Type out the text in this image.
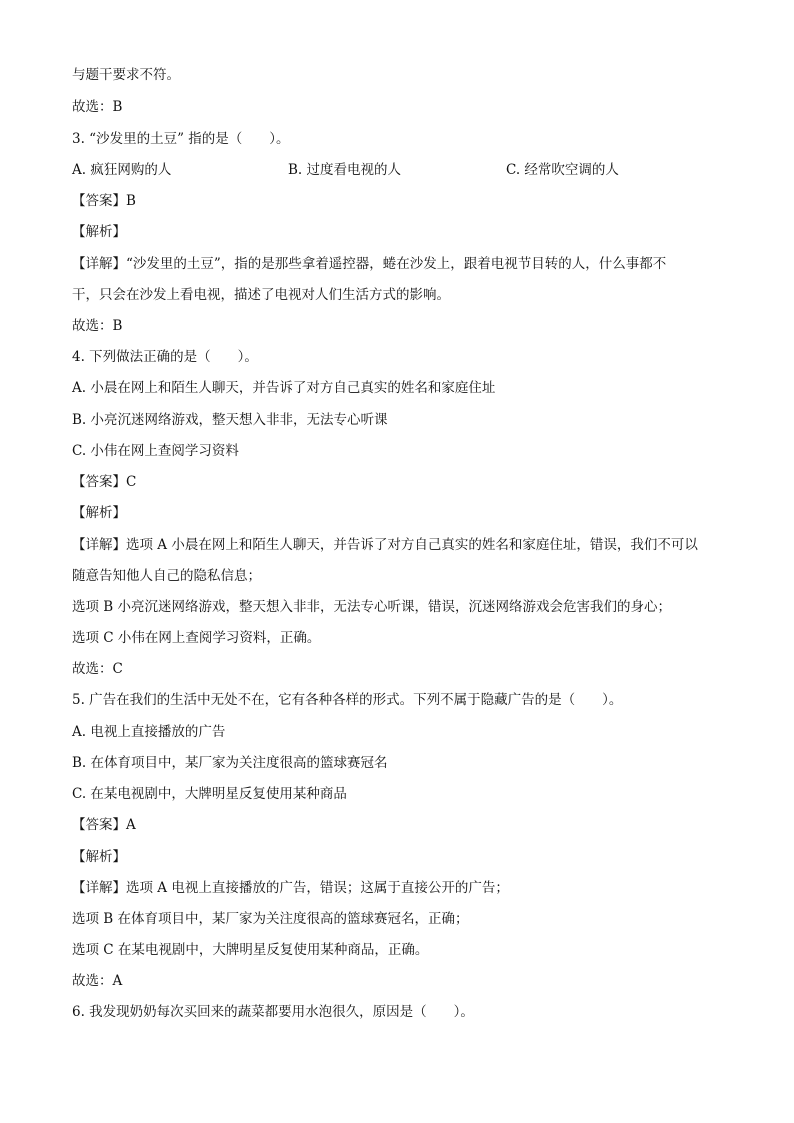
与题干要求不符。
故选：B
3. “沙发里的土豆” 指的是（　　）。
A. 疯狂网购的人	B. 过度看电视的人	C. 经常吹空调的人
【答案】B
【解析】
【详解】“沙发里的土豆”，指的是那些拿着遥控器，蜷在沙发上，跟着电视节目转的人，什么事都不
干，只会在沙发上看电视，描述了电视对人们生活方式的影响。
故选：B
4. 下列做法正确的是（　　）。
A. 小晨在网上和陌生人聊天，并告诉了对方自己真实的姓名和家庭住址
B. 小亮沉迷网络游戏，整天想入非非，无法专心听课
C. 小伟在网上查阅学习资料
【答案】C
【解析】
【详解】选项 A 小晨在网上和陌生人聊天，并告诉了对方自己真实的姓名和家庭住址，错误，我们不可以
随意告知他人自己的隐私信息；
选项 B 小亮沉迷网络游戏，整天想入非非，无法专心听课，错误，沉迷网络游戏会危害我们的身心；
选项 C 小伟在网上查阅学习资料，正确。
故选：C
5. 广告在我们的生活中无处不在，它有各种各样的形式。下列不属于隐藏广告的是（　　）。
A. 电视上直接播放的广告
B. 在体育项目中，某厂家为关注度很高的篮球赛冠名
C. 在某电视剧中，大牌明星反复使用某种商品
【答案】A
【解析】
【详解】选项 A 电视上直接播放的广告，错误；这属于直接公开的广告；
选项 B 在体育项目中，某厂家为关注度很高的篮球赛冠名，正确；
选项 C 在某电视剧中，大牌明星反复使用某种商品，正确。
故选：A
6. 我发现奶奶每次买回来的蔬菜都要用水泡很久，原因是（　　）。
